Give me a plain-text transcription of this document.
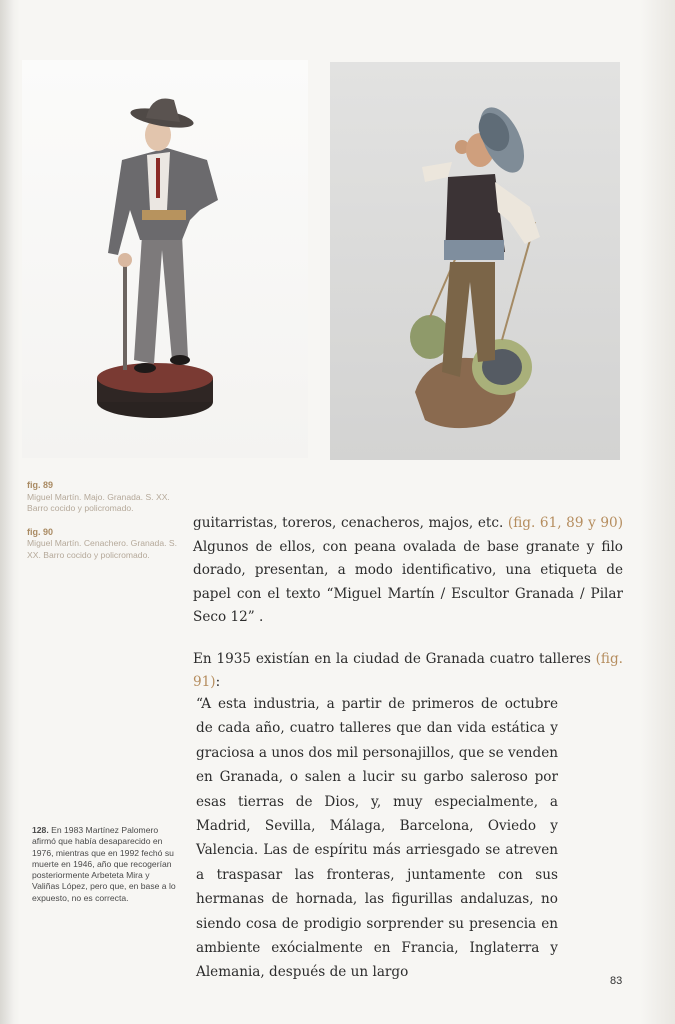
fig. 89
Miguel Martín. Majo. Granada. S. XX. Barro cocido y policromado.
fig. 90
Miguel Martín. Cenachero. Granada. S. XX. Barro cocido y policromado.
128. En 1983 Martínez Palomero afirmó que había desaparecido en 1976, mientras que en 1992 fechó su muerte en 1946, año que recogerían posteriormente Arbeteta Mira y Valiñas López, pero que, en base a lo expuesto, no es correcta.

guitarristas, toreros, cenacheros, majos, etc. (fig. 61, 89 y 90) Algunos de ellos, con peana ovalada de base granate y filo dorado, presentan, a modo identificativo, una etiqueta de papel con el texto “Miguel Martín / Escultor Granada / Pilar Seco 12” .

En 1935 existían en la ciudad de Granada cuatro talleres (fig. 91):

“A esta industria, a partir de primeros de octubre de cada año, cuatro talleres que dan vida estática y graciosa a unos dos mil personajillos, que se venden en Granada, o salen a lucir su garbo saleroso por esas tierras de Dios, y, muy especialmente, a Madrid, Sevilla, Málaga, Barcelona, Oviedo y Valencia. Las de espíritu más arriesgado se atreven a traspasar las fronteras, juntamente con sus hermanas de hornada, las figurillas andaluzas, no siendo cosa de prodigio sorprender su presencia en ambiente exócialmente en Francia, Inglaterra y Alemania, después de un largo
83
